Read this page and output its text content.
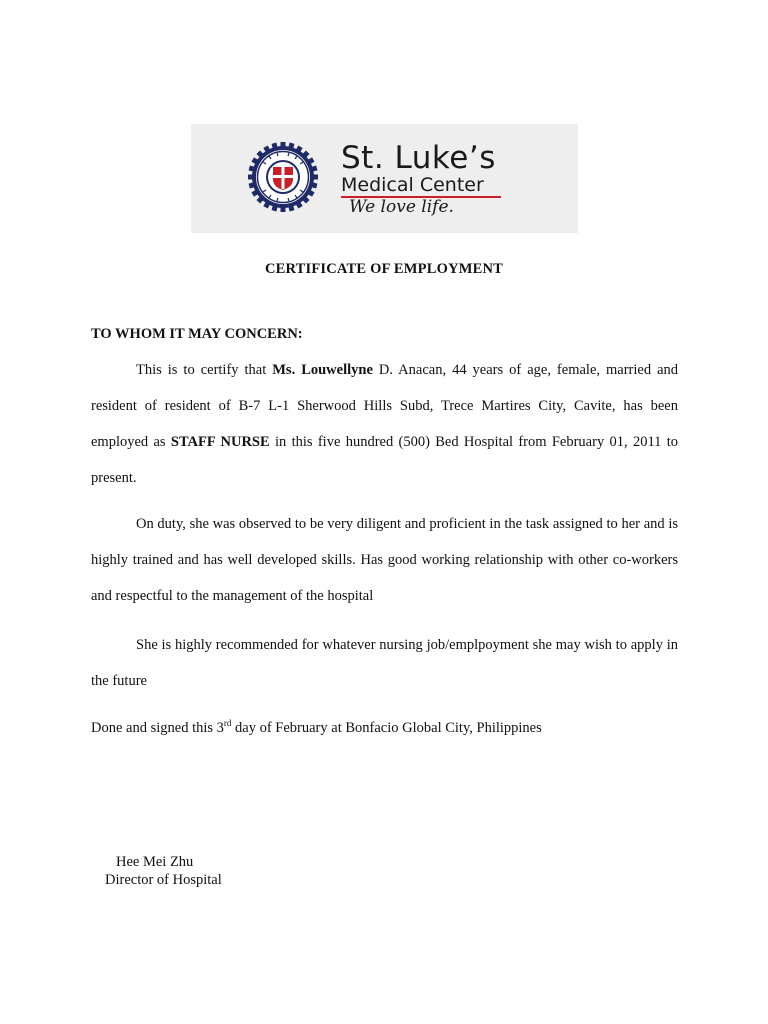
St. Luke’s
Medical Center
We love life.
CERTIFICATE OF EMPLOYMENT
TO WHOM IT MAY CONCERN:
This is to certify that Ms. Louwellyne D. Anacan, 44 years of age, female, married and resident of resident of B-7 L-1 Sherwood Hills Subd, Trece Martires City, Cavite, has been employed as STAFF NURSE in this five hundred (500) Bed Hospital from February 01, 2011 to present.
On duty, she was observed to be very diligent and proficient in the task assigned to her and is highly trained and has well developed skills. Has good working relationship with other co-workers and respectful to the management of the hospital
She is highly recommended for whatever nursing job/emplpoyment she may wish to apply in the future
Done and signed this 3rd day of February at Bonfacio Global City, Philippines
Hee Mei Zhu
Director of Hospital
